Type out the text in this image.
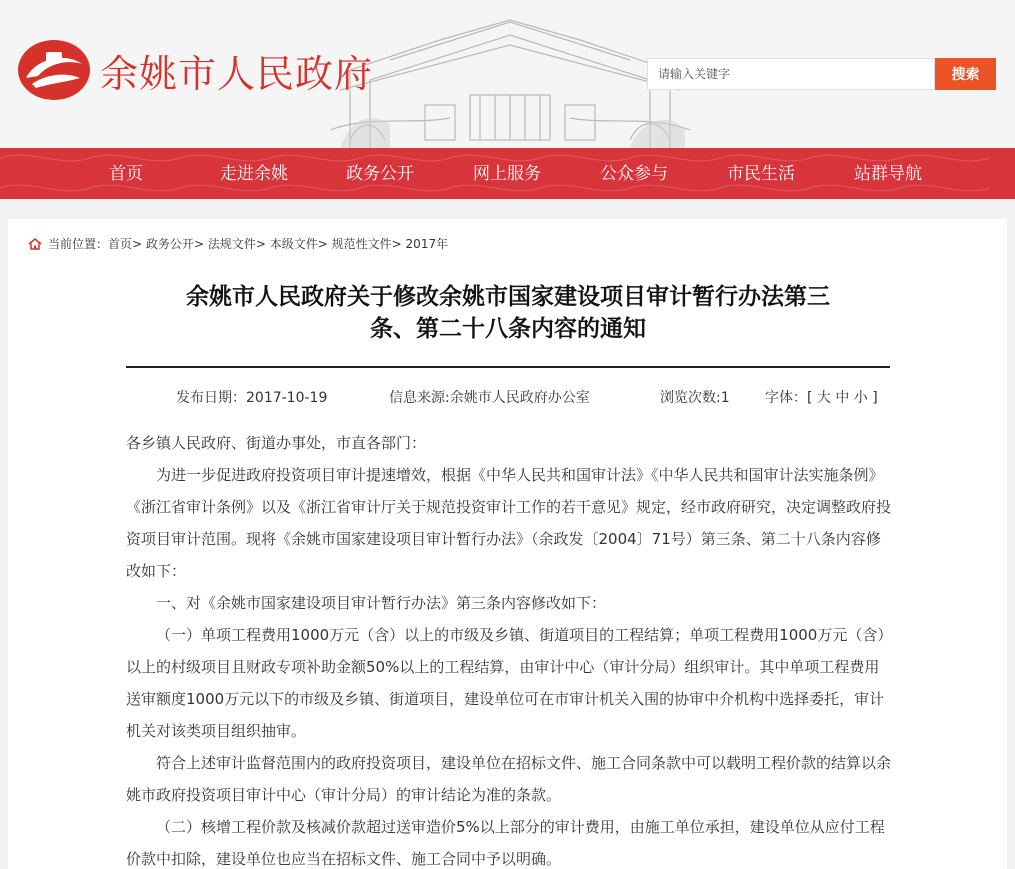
余姚市人民政府
请输入关键字	搜索
首页	走进余姚	政务公开	网上服务	公众参与	市民生活	站群导航
当前位置： 首页 >
政务公开 >
法规文件 >
本级文件 >
规范性文件 >
2017年
余姚市人民政府关于修改余姚市国家建设项目审计暂行办法第三
条、第二十八条内容的通知
发布日期：2017-10-19	信息来源:余姚市人民政府办公室	浏览次数:1	字体：[ 大 中 小 ]

各乡镇人民政府、街道办事处，市直各部门：

为进一步促进政府投资项目审计提速增效，根据《中华人民共和国审计法》《中华人民共和国审计法实施条例》《浙江省审计条例》以及《浙江省审计厅关于规范投资审计工作的若干意见》规定，经市政府研究，决定调整政府投资项目审计范围。现将《余姚市国家建设项目审计暂行办法》（余政发〔2004〕71号）第三条、第二十八条内容修改如下：

一、对《余姚市国家建设项目审计暂行办法》第三条内容修改如下：

（一）单项工程费用1000万元（含）以上的市级及乡镇、街道项目的工程结算；单项工程费用1000万元（含）以上的村级项目且财政专项补助金额50%以上的工程结算，由审计中心（审计分局）组织审计。其中单项工程费用送审额度1000万元以下的市级及乡镇、街道项目，建设单位可在市审计机关入围的协审中介机构中选择委托，审计机关对该类项目组织抽审。

符合上述审计监督范围内的政府投资项目，建设单位在招标文件、施工合同条款中可以载明工程价款的结算以余姚市政府投资项目审计中心（审计分局）的审计结论为准的条款。

（二）核增工程价款及核减价款超过送审造价5%以上部分的审计费用，由施工单位承担，建设单位从应付工程价款中扣除，建设单位也应当在招标文件、施工合同中予以明确。
